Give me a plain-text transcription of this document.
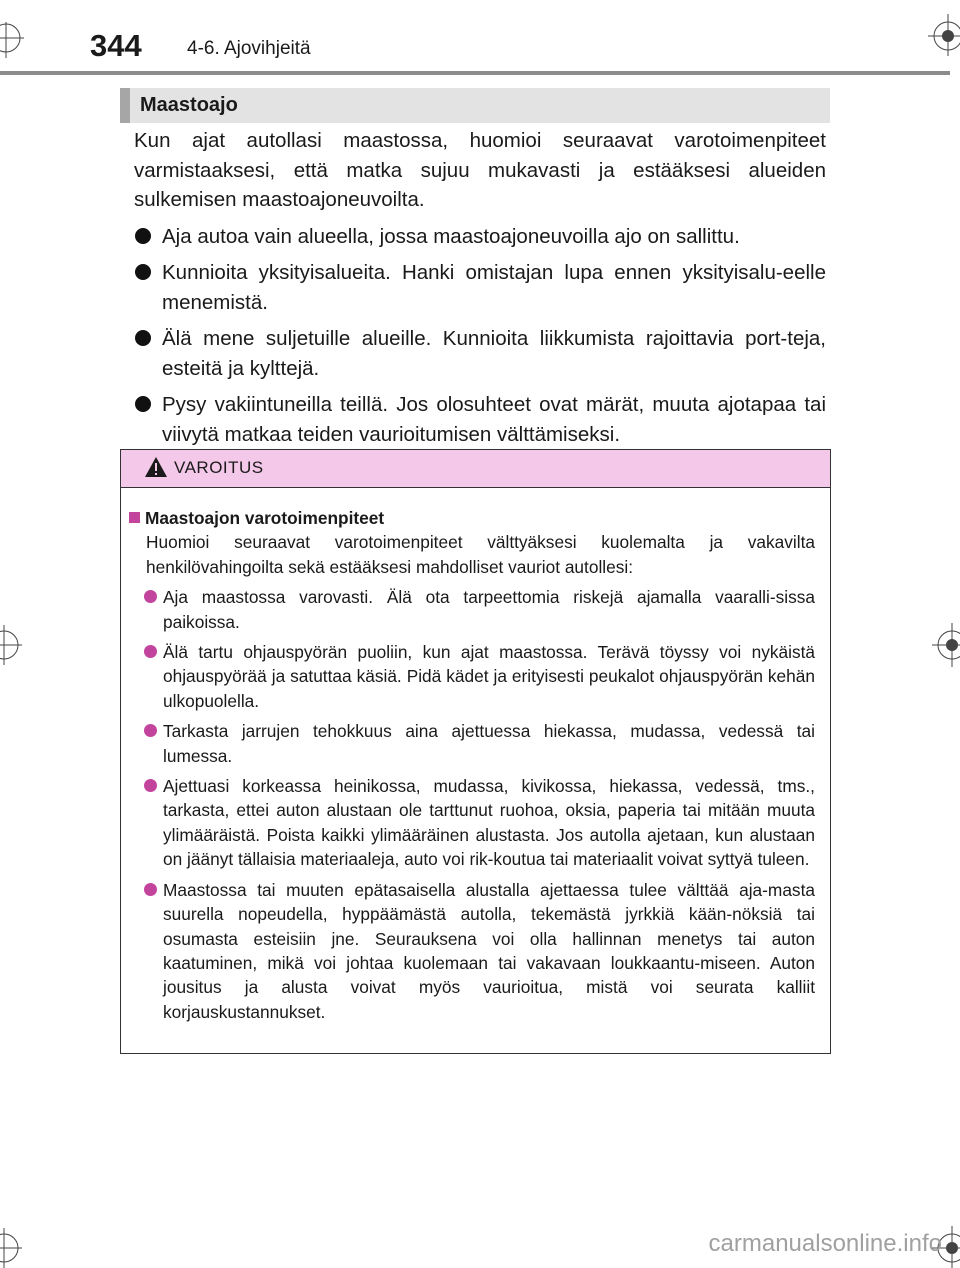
344 4-6. Ajovihjeitä
Maastoajo

Kun ajat autollasi maastossa, huomioi seuraavat varotoimenpiteet varmistaaksesi, että matka sujuu mukavasti ja estääksesi alueiden sulkemisen maastoajoneuvoilta.

Aja autoa vain alueella, jossa maastoajoneuvoilla ajo on sallittu.
Kunnioita yksityisalueita. Hanki omistajan lupa ennen yksityisalu-eelle menemistä.
Älä mene suljetuille alueille. Kunnioita liikkumista rajoittavia port-teja, esteitä ja kylttejä.
Pysy vakiintuneilla teillä. Jos olosuhteet ovat märät, muuta ajotapaa tai viivytä matkaa teiden vaurioitumisen välttämiseksi.
VAROITUS
Maastoajon varotoimenpiteet

Huomioi seuraavat varotoimenpiteet välttyäksesi kuolemalta ja vakavilta henkilövahingoilta sekä estääksesi mahdolliset vauriot autollesi:

Aja maastossa varovasti. Älä ota tarpeettomia riskejä ajamalla vaaralli-sissa paikoissa.
Älä tartu ohjauspyörän puoliin, kun ajat maastossa. Terävä töyssy voi nykäistä ohjauspyörää ja satuttaa käsiä. Pidä kädet ja erityisesti peukalot ohjauspyörän kehän ulkopuolella.
Tarkasta jarrujen tehokkuus aina ajettuessa hiekassa, mudassa, vedessä tai lumessa.
Ajettuasi korkeassa heinikossa, mudassa, kivikossa, hiekassa, vedessä, tms., tarkasta, ettei auton alustaan ole tarttunut ruohoa, oksia, paperia tai mitään muuta ylimääräistä. Poista kaikki ylimääräinen alustasta. Jos autolla ajetaan, kun alustaan on jäänyt tällaisia materiaaleja, auto voi rik-koutua tai materiaalit voivat syttyä tuleen.
Maastossa tai muuten epätasaisella alustalla ajettaessa tulee välttää aja-masta suurella nopeudella, hyppäämästä autolla, tekemästä jyrkkiä kään-nöksiä tai osumasta esteisiin jne. Seurauksena voi olla hallinnan menetys tai auton kaatuminen, mikä voi johtaa kuolemaan tai vakavaan loukkaantu-miseen. Auton jousitus ja alusta voivat myös vaurioitua, mistä voi seurata kalliit korjauskustannukset.
carmanualsonline.info
